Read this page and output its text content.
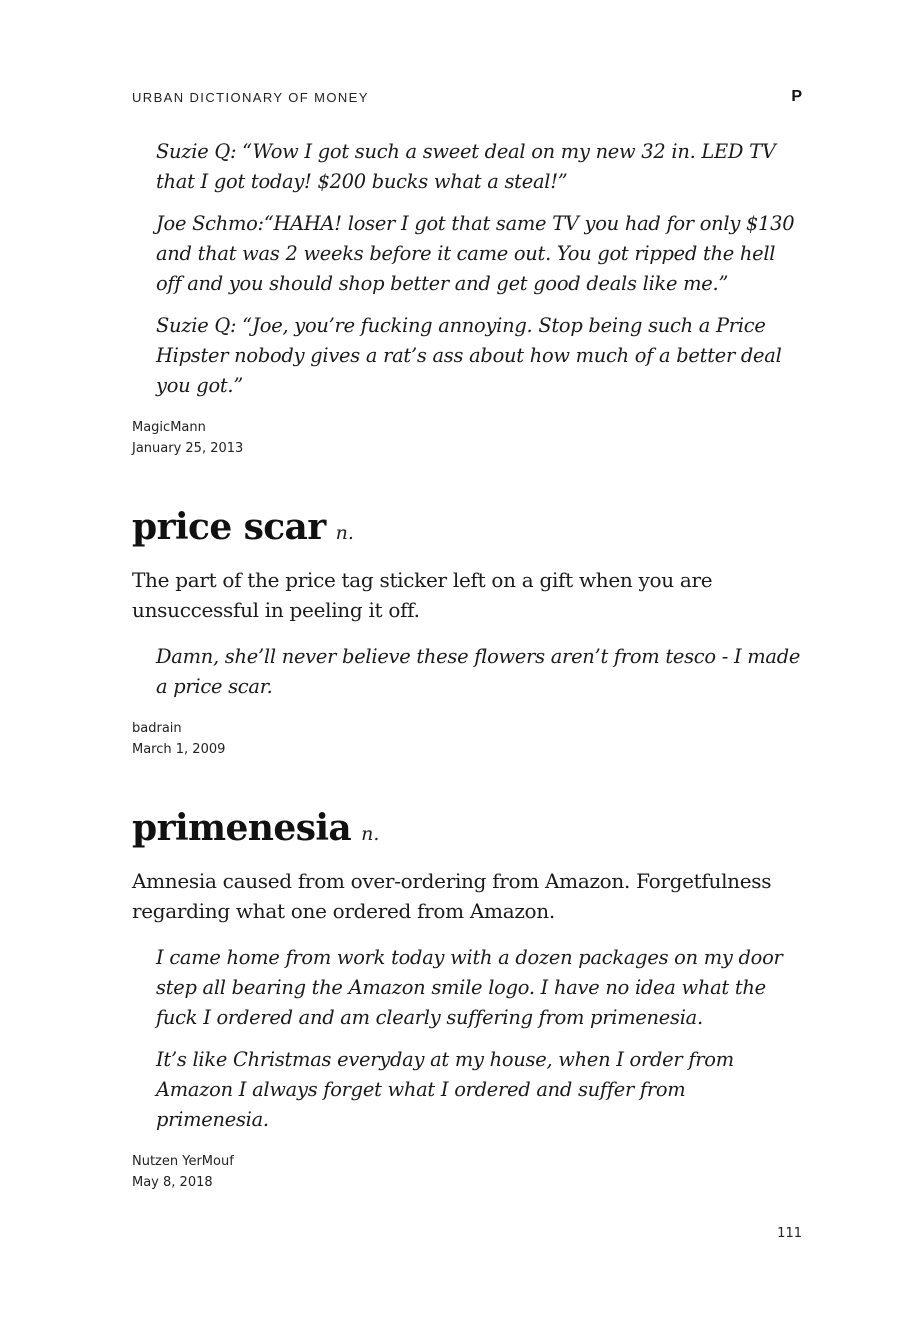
URBAN DICTIONARY OF MONEY	P

Suzie Q: “Wow I got such a sweet deal on my new 32 in. LED TV that I got today! $200 bucks what a steal!”

Joe Schmo:“HAHA! loser I got that same TV you had for only $130 and that was 2 weeks before it came out. You got ripped the hell off and you should shop better and get good deals like me.”

Suzie Q: “Joe, you’re fucking annoying. Stop being such a Price Hipster nobody gives a rat’s ass about how much of a better deal you got.”

MagicMann
January 25, 2013
price scar n.

The part of the price tag sticker left on a gift when you are unsuccessful in peeling it off.

Damn, she’ll never believe these flowers aren’t from tesco - I made a price scar.

badrain
March 1, 2009
primenesia n.

Amnesia caused from over-ordering from Amazon. Forgetfulness regarding what one ordered from Amazon.

I came home from work today with a dozen packages on my door step all bearing the Amazon smile logo. I have no idea what the fuck I ordered and am clearly suffering from primenesia.

It’s like Christmas everyday at my house, when I order from Amazon I always forget what I ordered and suffer from primenesia.

Nutzen YerMouf
May 8, 2018
111
